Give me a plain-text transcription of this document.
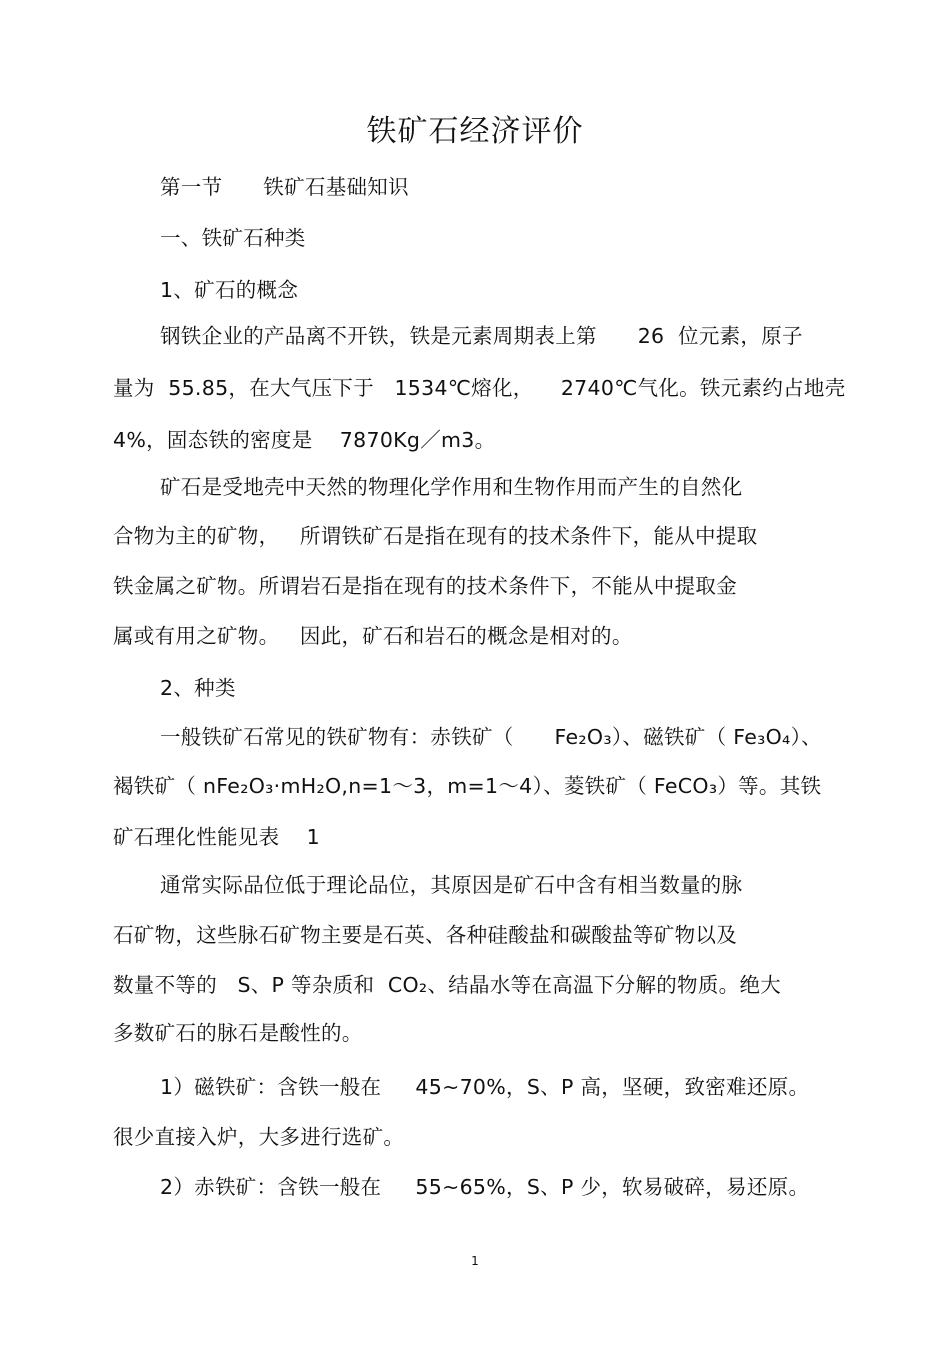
铁矿石经济评价
第一节      铁矿石基础知识
一、铁矿石种类
1、矿石的概念
钢铁企业的产品离不开铁，铁是元素周期表上第      26  位元素，原子
量为  55.85，在大气压下于   1534℃熔化，    2740℃气化。铁元素约占地壳
4%，固态铁的密度是    7870Kg／m3。
矿石是受地壳中天然的物理化学作用和生物作用而产生的自然化
合物为主的矿物，   所谓铁矿石是指在现有的技术条件下，能从中提取
铁金属之矿物。所谓岩石是指在现有的技术条件下，不能从中提取金
属或有用之矿物。   因此，矿石和岩石的概念是相对的。
2、种类
一般铁矿石常见的铁矿物有：赤铁矿（      Fe₂O₃）、磁铁矿（ Fe₃O₄）、
褐铁矿（ nFe₂O₃·mH₂O,n=1～3，m=1～4）、菱铁矿（ FeCO₃）等。其铁
矿石理化性能见表    1
通常实际品位低于理论品位，其原因是矿石中含有相当数量的脉
石矿物，这些脉石矿物主要是石英、各种硅酸盐和碳酸盐等矿物以及
数量不等的   S、P 等杂质和  CO₂、结晶水等在高温下分解的物质。绝大
多数矿石的脉石是酸性的。
1）磁铁矿：含铁一般在     45~70%，S、P 高，坚硬，致密难还原。
很少直接入炉，大多进行选矿。
2）赤铁矿：含铁一般在     55~65%，S、P 少，软易破碎，易还原。
1
